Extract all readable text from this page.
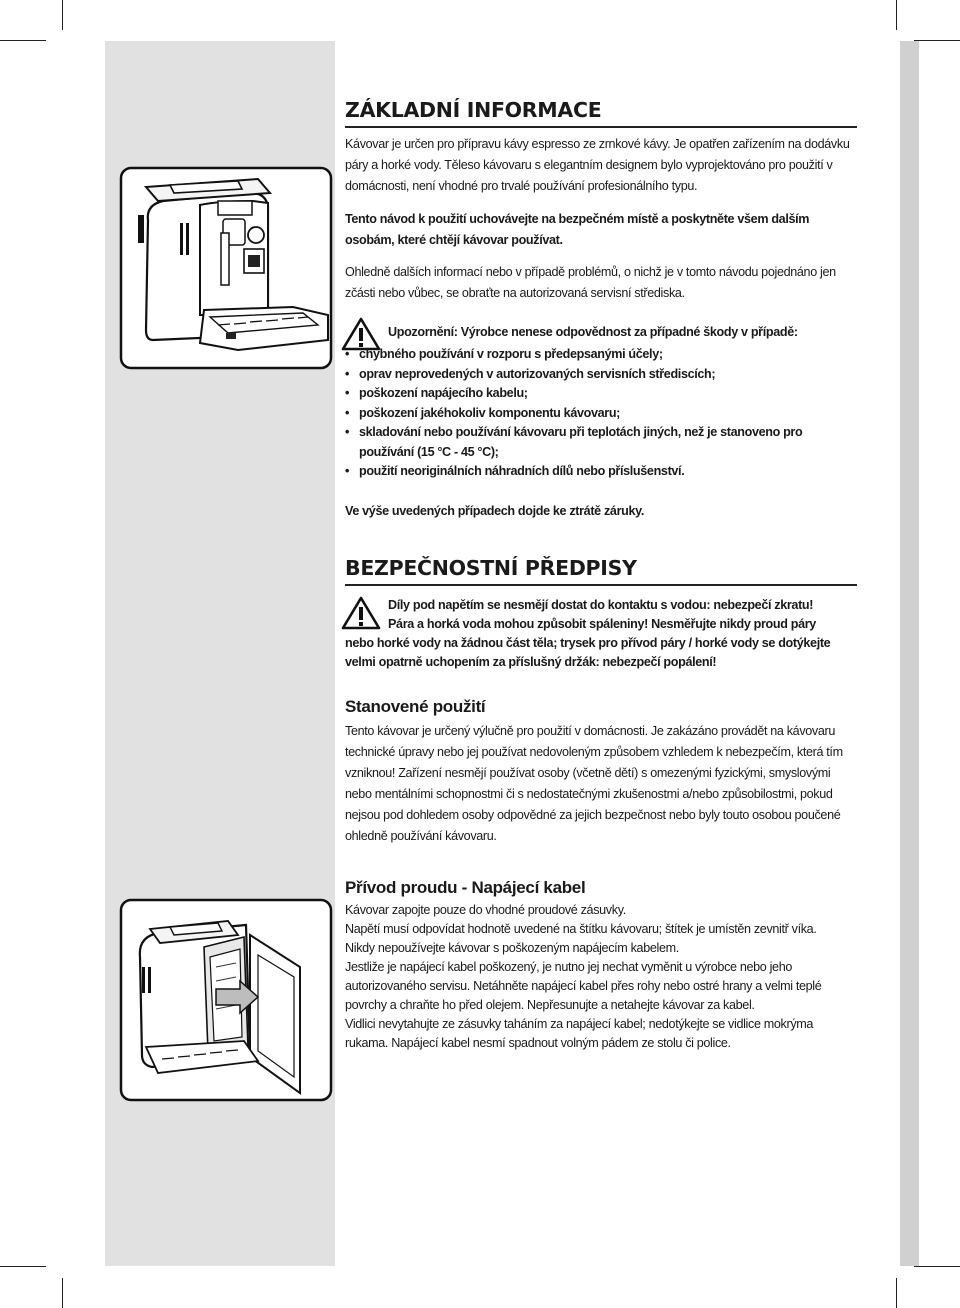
ZÁKLADNÍ INFORMACE

Kávovar je určen pro přípravu kávy espresso ze zrnkové kávy. Je opatřen zařízením na dodávku páry a horké vody. Těleso kávovaru s elegantním designem bylo vyprojektováno pro použití v domácnosti, není vhodné pro trvalé používání profesionálního typu.

Tento návod k použití uchovávejte na bezpečném místě a poskytněte všem dalším osobám, které chtějí kávovar používat.

Ohledně dalších informací nebo v případě problémů, o nichž je v tomto návodu pojednáno jen zčásti nebo vůbec, se obraťte na autorizovaná servisní střediska.

Upozornění: Výrobce nenese odpovědnost za případné škody v případě:

• chybného používání v rozporu s předepsanými účely;
• oprav neprovedených v autorizovaných servisních střediscích;
• poškození napájecího kabelu;
• poškození jakéhokoliv komponentu kávovaru;
• skladování nebo používání kávovaru při teplotách jiných, než je stanoveno pro používání (15 °C - 45 °C);
• použití neoriginálních náhradních dílů nebo příslušenství.

Ve výše uvedených případech dojde ke ztrátě záruky.

BEZPEČNOSTNÍ PŘEDPISY

Díly pod napětím se nesmějí dostat do kontaktu s vodou: nebezpečí zkratu!

Pára a horká voda mohou způsobit spáleniny! Nesměřujte nikdy proud páry

nebo horké vody na žádnou část těla; trysek pro přívod páry / horké vody se dotýkejte velmi opatrně uchopením za příslušný držák: nebezpečí popálení!

Stanovené použití

Tento kávovar je určený výlučně pro použití v domácnosti. Je zakázáno provádět na kávovaru technické úpravy nebo jej používat nedovoleným způsobem vzhledem k nebezpečím, která tím vzniknou! Zařízení nesmějí používat osoby (včetně dětí) s omezenými fyzickými, smyslovými nebo mentálními schopnostmi či s nedostatečnými zkušenostmi a/nebo způsobilostmi, pokud nejsou pod dohledem osoby odpovědné za jejich bezpečnost nebo byly touto osobou poučené ohledně používání kávovaru.

Přívod proudu - Napájecí kabel

Kávovar zapojte pouze do vhodné proudové zásuvky.

Napětí musí odpovídat hodnotě uvedené na štítku kávovaru; štítek je umístěn zevnitř víka.

Nikdy nepoužívejte kávovar s poškozeným napájecím kabelem.

Jestliže je napájecí kabel poškozený, je nutno jej nechat vyměnit u výrobce nebo jeho autorizovaného servisu. Netáhněte napájecí kabel přes rohy nebo ostré hrany a velmi teplé povrchy a chraňte ho před olejem. Nepřesunujte a netahejte kávovar za kabel.

Vidlici nevytahujte ze zásuvky taháním za napájecí kabel; nedotýkejte se vidlice mokrýma rukama. Napájecí kabel nesmí spadnout volným pádem ze stolu či police.
